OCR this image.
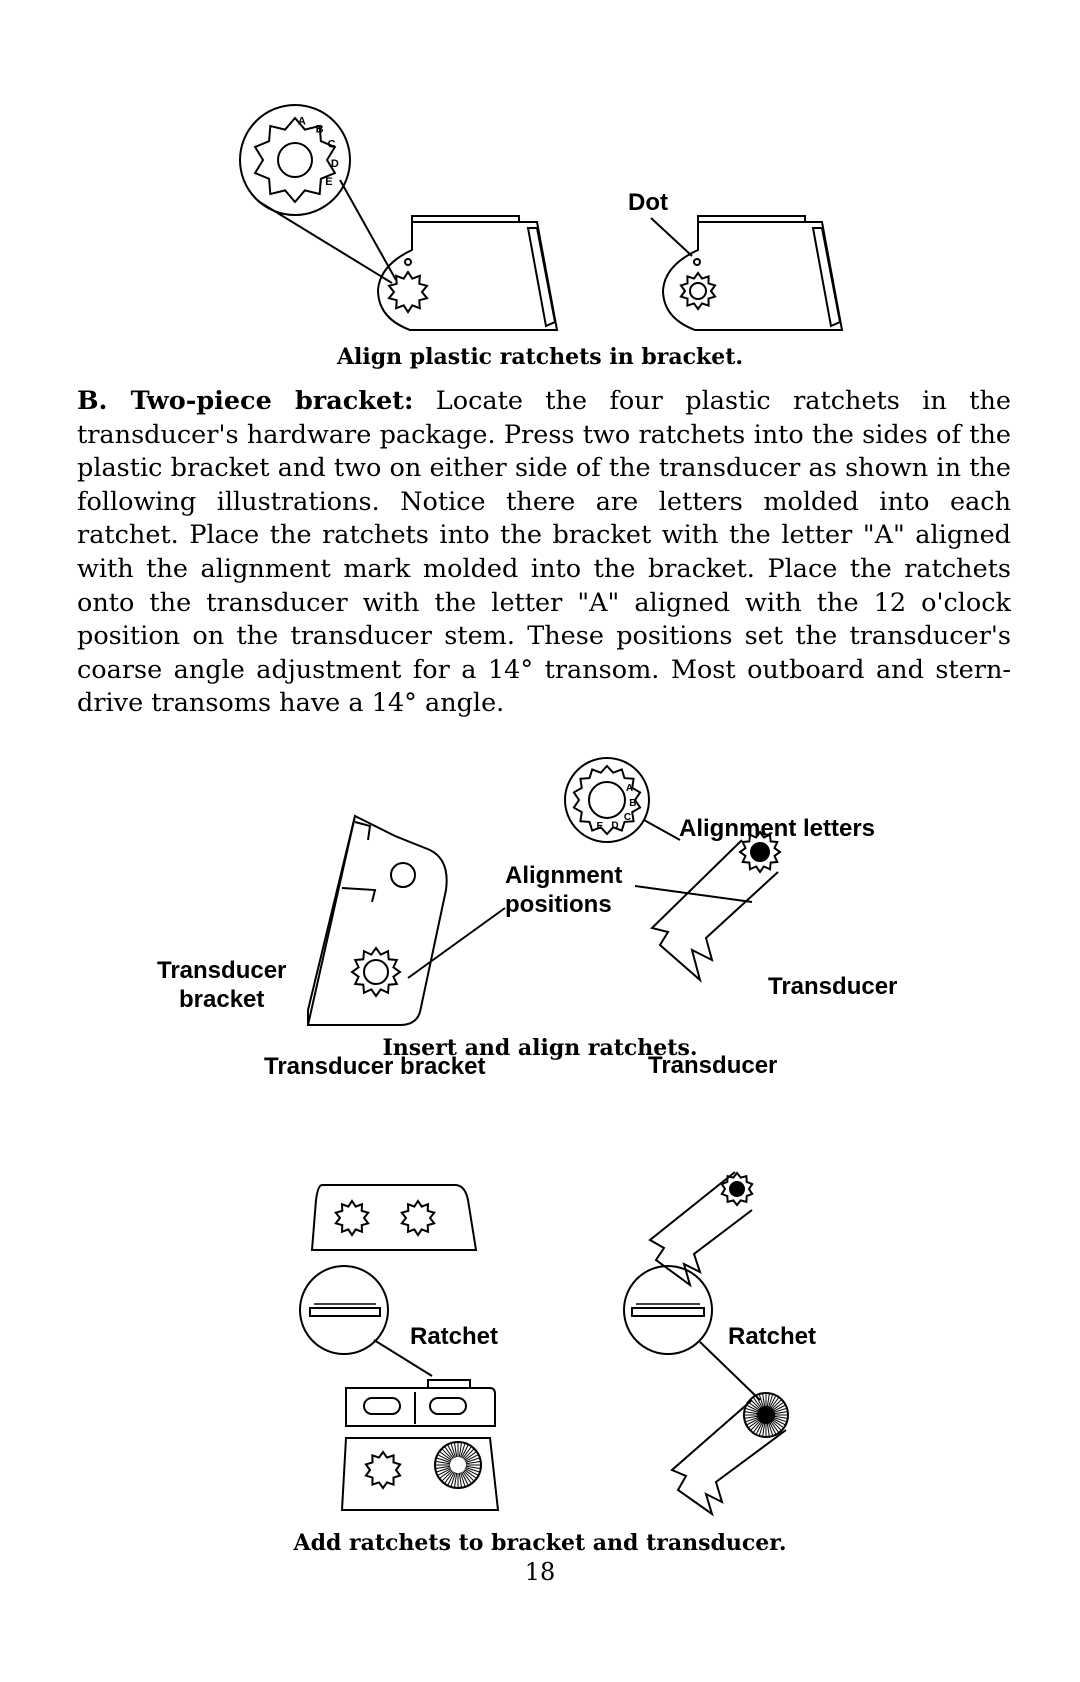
A
B
C
D
E
Dot
Align plastic ratchets in bracket.
B. Two-piece bracket: Locate the four plastic ratchets in the transducer's hardware package. Press two ratchets into the sides of the plastic bracket and two on either side of the transducer as shown in the following illustrations. Notice there are letters molded into each ratchet. Place the ratchets into the bracket with the letter "A" aligned with the alignment mark molded into the bracket. Place the ratchets onto the transducer with the letter "A" aligned with the 12 o'clock position on the transducer stem. These positions set the transducer's coarse angle adjustment for a 14° transom. Most outboard and stern-drive transoms have a 14° angle.
A
B
C
D
E	Alignment letters
Alignment
positions
Transducer
bracket	Transducer
Insert and align ratchets.
Transducer bracket	Transducer
Ratchet	Ratchet
Add ratchets to bracket and transducer.
18
